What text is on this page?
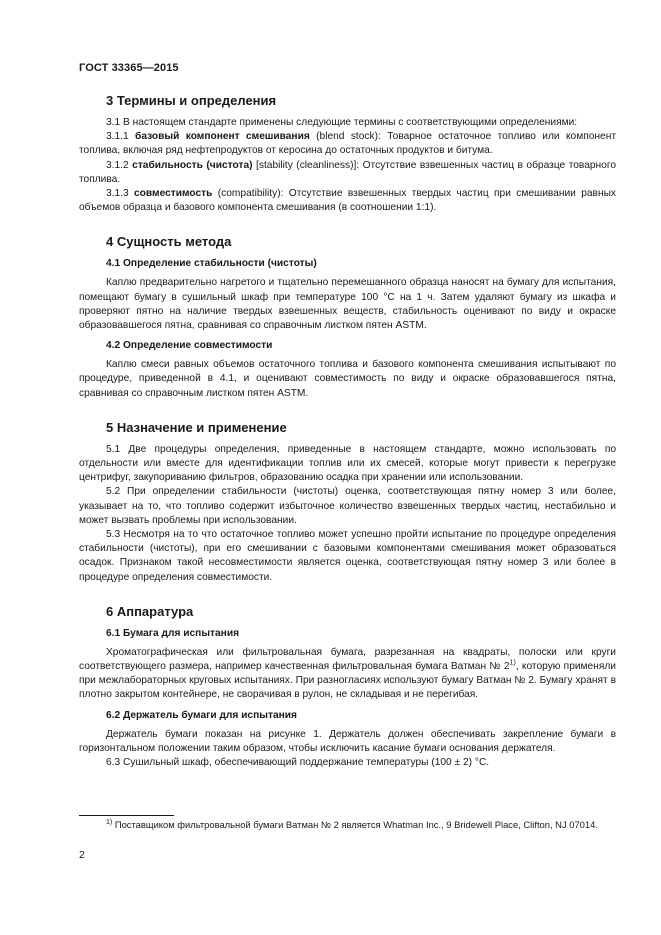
ГОСТ 33365—2015
3 Термины и определения

3.1 В настоящем стандарте применены следующие термины с соответствующими определениями:

3.1.1 базовый компонент смешивания (blend stock): Товарное остаточное топливо или компонент топлива, включая ряд нефтепродуктов от керосина до остаточных продуктов и битума.

3.1.2 стабильность (чистота) [stability (cleanliness)]: Отсутствие взвешенных частиц в образце товарного топлива.

3.1.3 совместимость (compatibility): Отсутствие взвешенных твердых частиц при смешивании равных объемов образца и базового компонента смешивания (в соотношении 1:1).

4 Сущность метода
4.1 Определение стабильности (чистоты)

Каплю предварительно нагретого и тщательно перемешанного образца наносят на бумагу для испытания, помещают бумагу в сушильный шкаф при температуре 100 °С на 1 ч. Затем удаляют бумагу из шкафа и проверяют пятно на наличие твердых взвешенных веществ, стабильность оценивают по виду и окраске образовавшегося пятна, сравнивая со справочным листком пятен ASTM.

4.2 Определение совместимости

Каплю смеси равных объемов остаточного топлива и базового компонента смешивания испытывают по процедуре, приведенной в 4.1, и оценивают совместимость по виду и окраске образовавшегося пятна, сравнивая со справочным листком пятен ASTM.

5 Назначение и применение

5.1 Две процедуры определения, приведенные в настоящем стандарте, можно использовать по отдельности или вместе для идентификации топлив или их смесей, которые могут привести к перегрузке центрифуг, закупориванию фильтров, образованию осадка при хранении или использовании.

5.2 При определении стабильности (чистоты) оценка, соответствующая пятну номер 3 или более, указывает на то, что топливо содержит избыточное количество взвешенных твердых частиц, нестабильно и может вызвать проблемы при использовании.

5.3 Несмотря на то что остаточное топливо может успешно пройти испытание по процедуре определения стабильности (чистоты), при его смешивании с базовыми компонентами смешивания может образоваться осадок. Признаком такой несовместимости является оценка, соответствующая пятну номер 3 или более в процедуре определения совместимости.

6 Аппаратура
6.1 Бумага для испытания

Хроматографическая или фильтровальная бумага, разрезанная на квадраты, полоски или круги соответствующего размера, например качественная фильтровальная бумага Ватман № 2$^{1)}$, которую применяли при межлабораторных круговых испытаниях. При разногласиях используют бумагу Ватман № 2. Бумагу хранят в плотно закрытом контейнере, не сворачивая в рулон, не складывая и не перегибая.

6.2 Держатель бумаги для испытания

Держатель бумаги показан на рисунке 1. Держатель должен обеспечивать закрепление бумаги в горизонтальном положении таким образом, чтобы исключить касание бумаги основания держателя.

6.3 Сушильный шкаф, обеспечивающий поддержание температуры (100 ± 2) °С.

$^{1)}$ Поставщиком фильтровальной бумаги Ватман № 2 является Whatman Inc., 9 Bridewell Place, Clifton, NJ 07014.
2
